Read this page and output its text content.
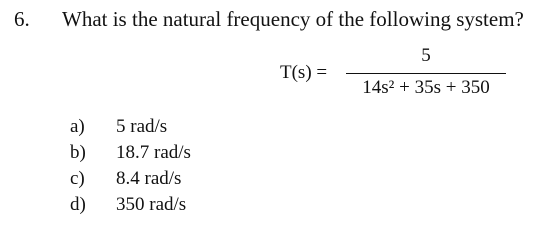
6. What is the natural frequency of the following system?
T(s) =
5
14s² + 35s + 350
a)	5 rad/s
b)	18.7 rad/s
c)	8.4 rad/s
d)	350 rad/s
